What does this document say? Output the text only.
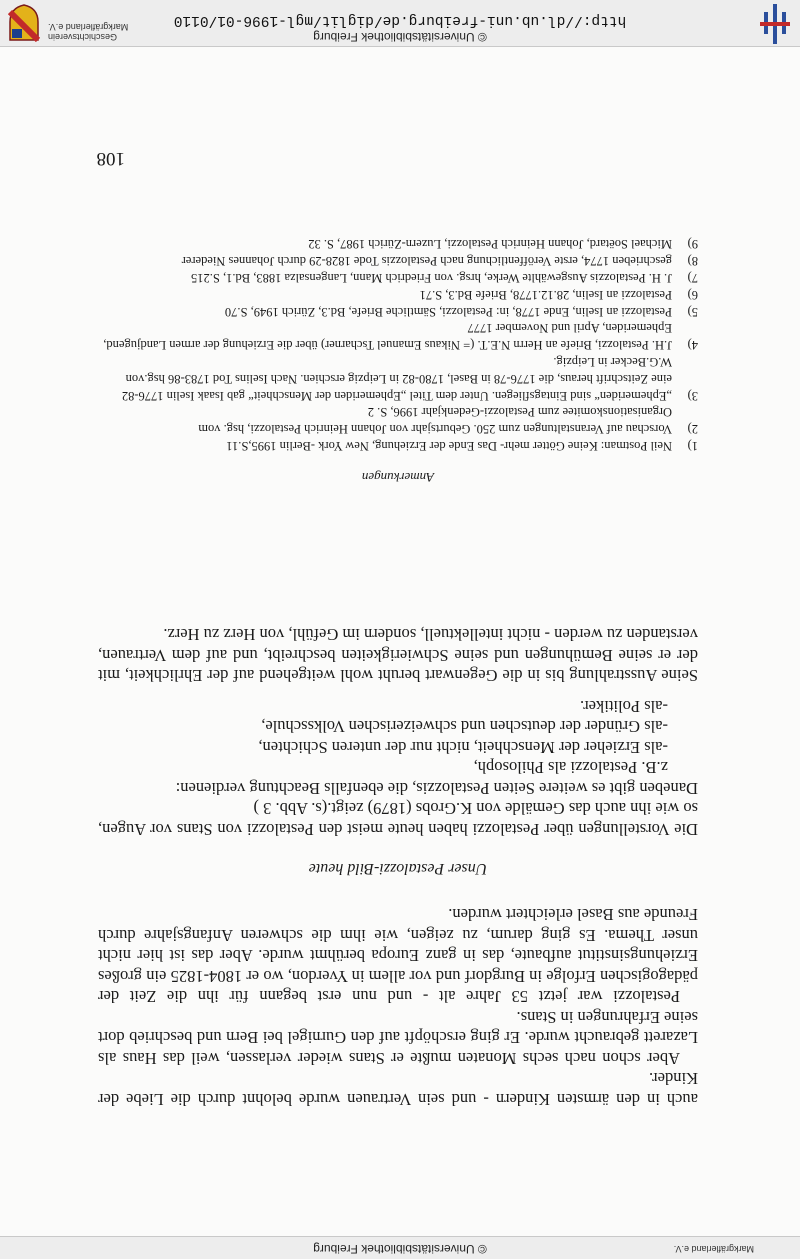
© Universitätsbibliothek Freiburg	Markgräflerland e.V.

auch in den ärmsten Kindern - und sein Vertrauen wurde belohnt durch die Liebe der Kinder.

Aber schon nach sechs Monaten mußte er Stans wieder verlassen, weil das Haus als Lazarett gebraucht wurde. Er ging erschöpft auf den Gurnigel bei Bern und beschrieb dort seine Erfahrungen in Stans.

Pestalozzi war jetzt 53 Jahre alt - und nun erst begann für ihn die Zeit der pädagogischen Erfolge in Burgdorf und vor allem in Yverdon, wo er 1804-1825 ein großes Erziehungsinstitut aufbaute, das in ganz Europa berühmt wurde. Aber das ist hier nicht unser Thema. Es ging darum, zu zeigen, wie ihm die schweren Anfangsjahre durch Freunde aus Basel erleichtert wurden.

Unser Pestalozzi-Bild heute

Die Vorstellungen über Pestalozzi haben heute meist den Pestalozzi von Stans vor Augen, so wie ihn auch das Gemälde von K.Grobs (1879) zeigt.(s. Abb. 3 )

Daneben gibt es weitere Seiten Pestalozzis, die ebenfalls Beachtung verdienen:

z.B. Pestalozzi als Philosoph,
-als Erzieher der Menschheit, nicht nur der unteren Schichten,
-als Gründer der deutschen und schweizerischen Volksschule,
-als Politiker.

Seine Ausstrahlung bis in die Gegenwart beruht wohl weitgehend auf der Ehrlichkeit, mit der er seine Bemühungen und seine Schwierigkeiten beschreibt, und auf dem Vertrauen, verstanden zu werden - nicht intellektuell, sondern im Gefühl, von Herz zu Herz.

Anmerkungen
1)
Neil Postman: Keine Götter mehr- Das Ende der Erziehung, New York -Berlin 1995,S.11
2)
Vorschau auf Veranstaltungen zum 250. Geburtsjahr von Johann Heinrich Pestalozzi, hsg. vom Organisationskomitee zum Pestalozzi-Gedenkjahr 1996, S. 2
3)
„Ephemeriden“ sind Eintagsfliegen. Unter dem Titel „Ephemeriden der Menschheit“ gab Isaak Iselin 1776-82 eine Zeitschrift heraus, die 1776-78 in Basel, 1780-82 in Leipzig erschien. Nach Iselins Tod 1783-86 hsg.von W.G.Becker in Leipzig.
4)
J.H. Pestalozzi, Briefe an Herrn N.E.T. (= Nikaus Emanuel Tscharner) über die Erziehung der armen Landjugend, Ephemeriden, April und November 1777
5)
Pestalozzi an Iselin, Ende 1778, in: Pestalozzi, Sämtliche Briefe, Bd.3, Zürich 1949, S.70
6)
Pestalozzi an Iselin, 28.12.1778, Briefe Bd.3, S.71
7)
J. H. Pestalozzis Ausgewählte Werke, hrsg. von Friedrich Mann, Langensalza 1883, Bd.1, S.215
8)
geschrieben 1774, erste Veröffentlichung nach Pestalozzis Tode 1828-29 durch Johannes Niederer
9)
Michael Soëtard, Johann Heinrich Pestalozzi, Luzern-Zürich 1987, S. 32
108
© Universitätsbibliothek Freiburg
http://dl.ub.uni-freiburg.de/diglit/mgl-1996-01/0110
Geschichtsverein
Markgräflerland e.V.
